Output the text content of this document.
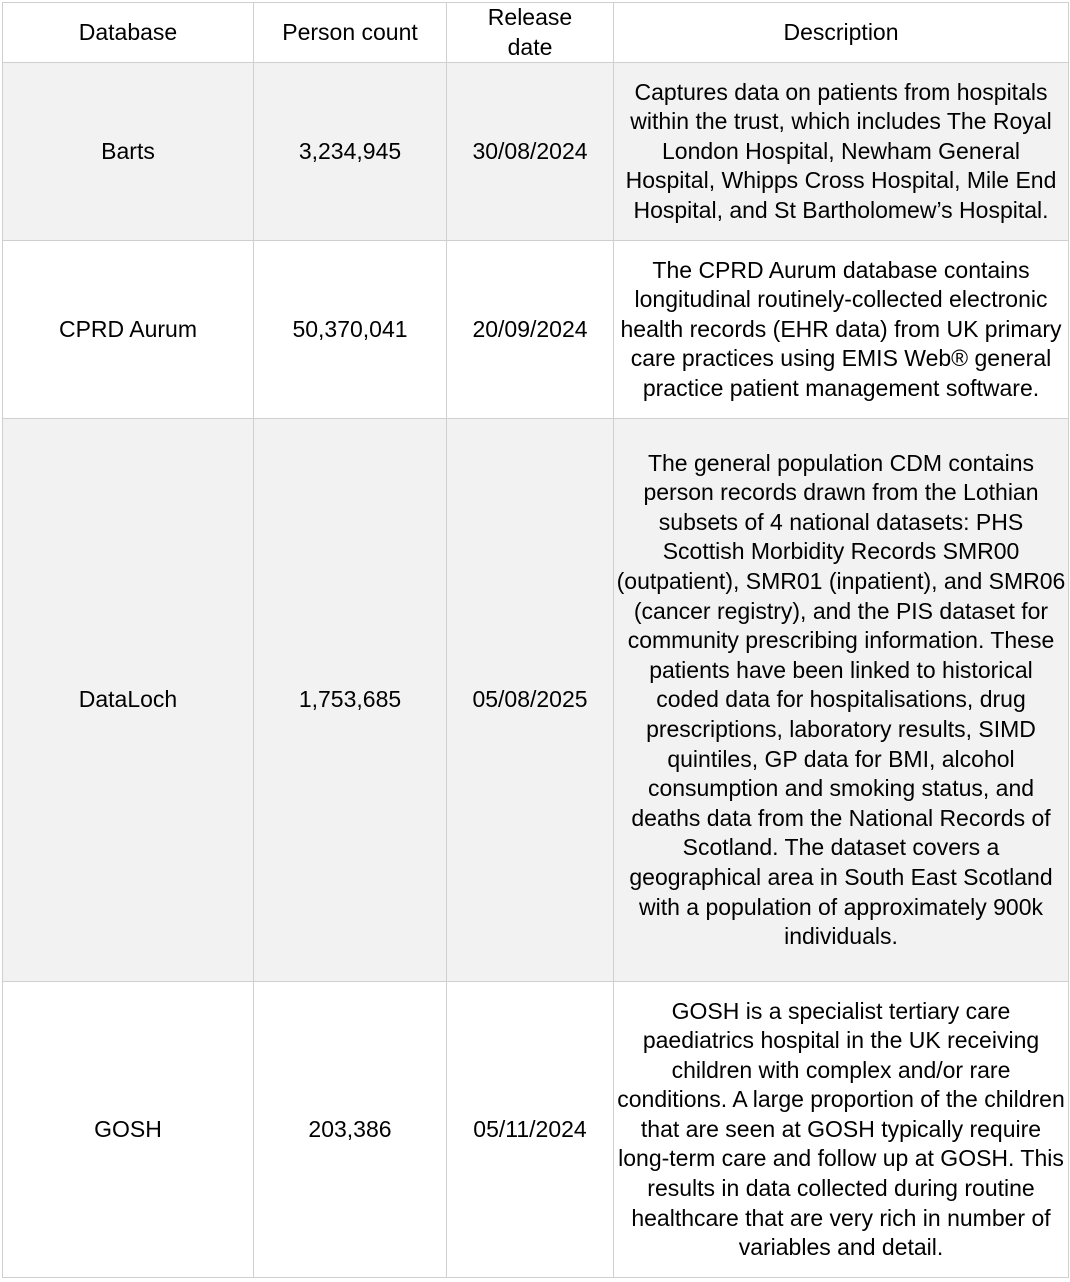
Database	Person count	Release date	Description
Barts	3,234,945	30/08/2024	Captures data on patients from hospitals within the trust, which includes The Royal London Hospital, Newham General Hospital, Whipps Cross Hospital, Mile End Hospital, and St Bartholomew’s Hospital.
CPRD Aurum	50,370,041	20/09/2024	The CPRD Aurum database contains longitudinal routinely-collected electronic health records (EHR data) from UK primary care practices using EMIS Web® general practice patient management software.
DataLoch	1,753,685	05/08/2025	The general population CDM contains person records drawn from the Lothian subsets of 4 national datasets: PHS Scottish Morbidity Records SMR00 (outpatient), SMR01 (inpatient), and SMR06 (cancer registry), and the PIS dataset for community prescribing information. These patients have been linked to historical coded data for hospitalisations, drug prescriptions, laboratory results, SIMD quintiles, GP data for BMI, alcohol consumption and smoking status, and deaths data from the National Records of Scotland. The dataset covers a geographical area in South East Scotland with a population of approximately 900k individuals.
GOSH	203,386	05/11/2024	GOSH is a specialist tertiary care paediatrics hospital in the UK receiving children with complex and/or rare conditions. A large proportion of the children that are seen at GOSH typically require long-term care and follow up at GOSH. This results in data collected during routine healthcare that are very rich in number of variables and detail.
